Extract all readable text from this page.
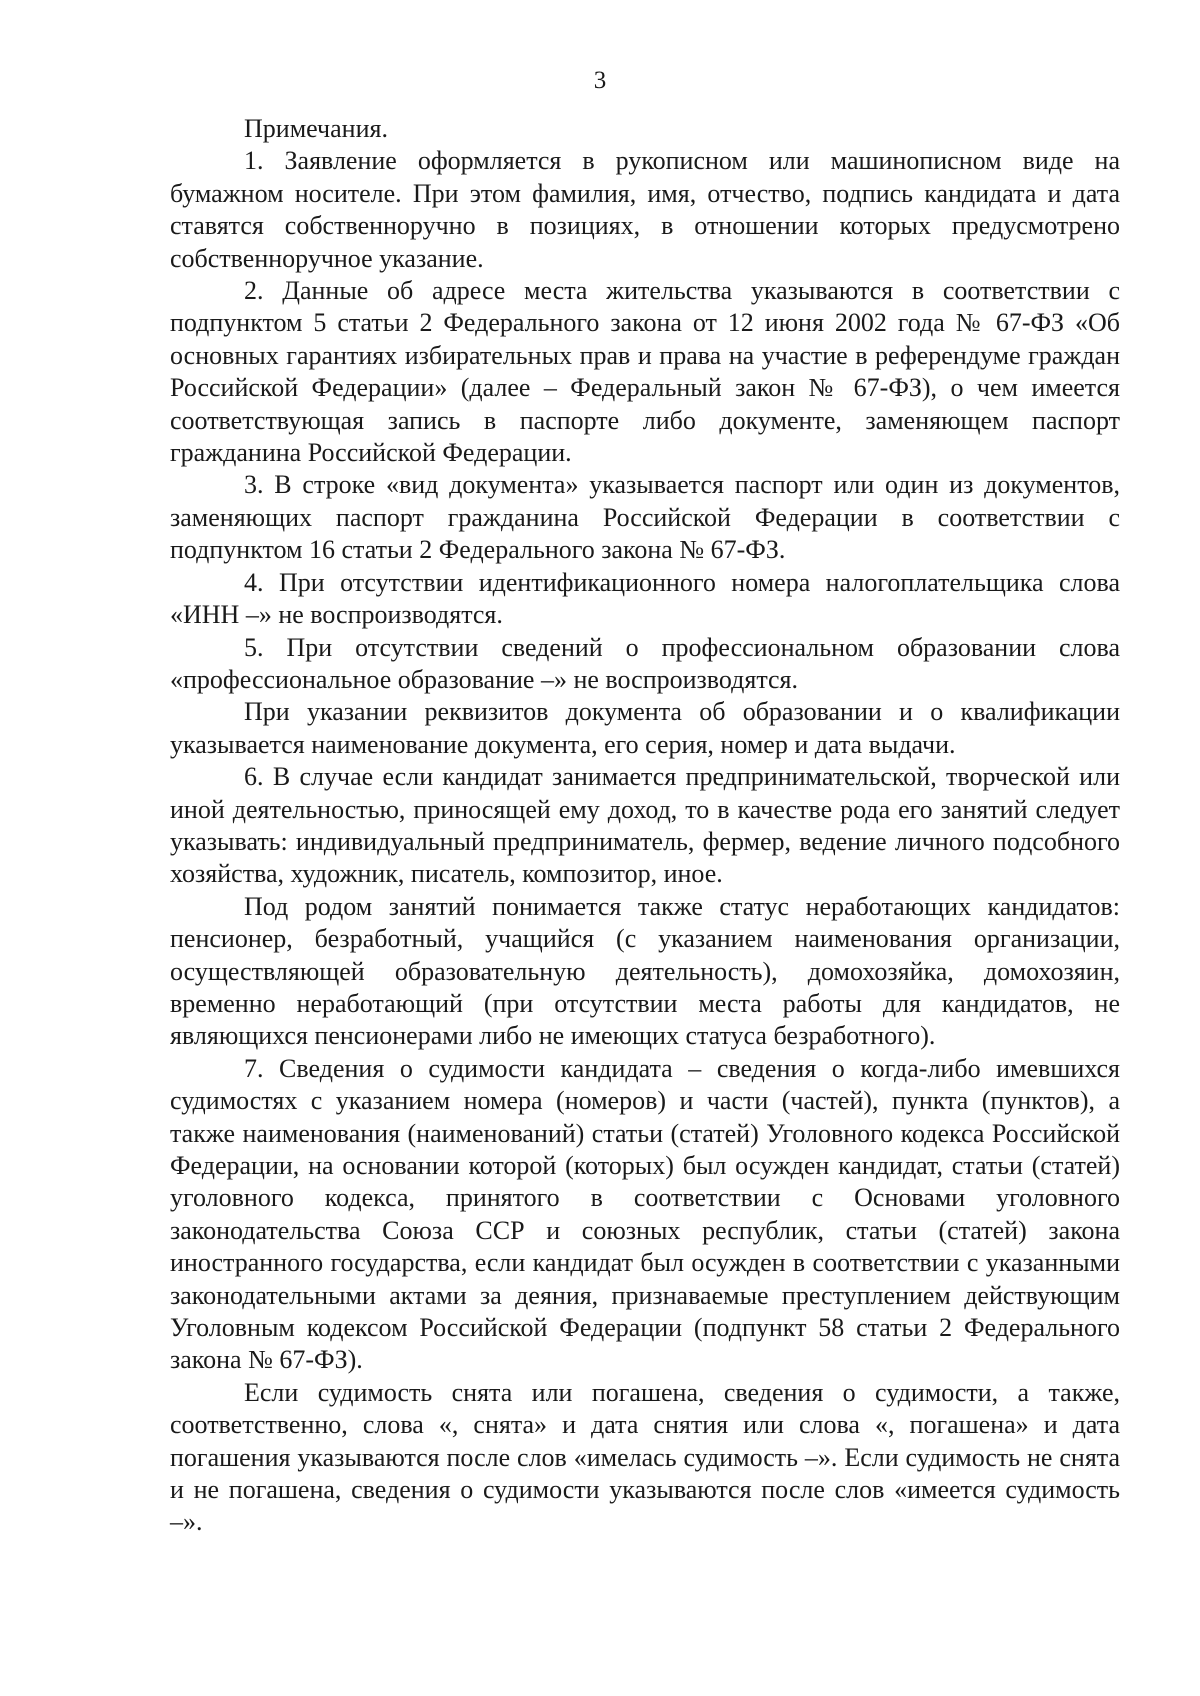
3

Примечания.

1. Заявление оформляется в рукописном или машинописном виде на бумажном носителе. При этом фамилия, имя, отчество, подпись кандидата и дата ставятся собственноручно в позициях, в отношении которых предусмотрено собственноручное указание.

2. Данные об адресе места жительства указываются в соответствии с подпунктом 5 статьи 2 Федерального закона от 12 июня 2002 года № 67-ФЗ «Об основных гарантиях избирательных прав и права на участие в референдуме граждан Российской Федерации» (далее – Федеральный закон № 67-ФЗ), о чем имеется соответствующая запись в паспорте либо документе, заменяющем паспорт гражданина Российской Федерации.

3. В строке «вид документа» указывается паспорт или один из документов, заменяющих паспорт гражданина Российской Федерации в соответствии с подпунктом 16 статьи 2 Федерального закона № 67-ФЗ.

4. При отсутствии идентификационного номера налогоплательщика слова «ИНН –» не воспроизводятся.

5. При отсутствии сведений о профессиональном образовании слова «профессиональное образование –» не воспроизводятся.

При указании реквизитов документа об образовании и о квалификации указывается наименование документа, его серия, номер и дата выдачи.

6. В случае если кандидат занимается предпринимательской, творческой или иной деятельностью, приносящей ему доход, то в качестве рода его занятий следует указывать: индивидуальный предприниматель, фермер, ведение личного подсобного хозяйства, художник, писатель, композитор, иное.

Под родом занятий понимается также статус неработающих кандидатов: пенсионер, безработный, учащийся (с указанием наименования организации, осуществляющей образовательную деятельность), домохозяйка, домохозяин, временно неработающий (при отсутствии места работы для кандидатов, не являющихся пенсионерами либо не имеющих статуса безработного).

7. Сведения о судимости кандидата – сведения о когда-либо имевшихся судимостях с указанием номера (номеров) и части (частей), пункта (пунктов), а также наименования (наименований) статьи (статей) Уголовного кодекса Российской Федерации, на основании которой (которых) был осужден кандидат, статьи (статей) уголовного кодекса, принятого в соответствии с Основами уголовного законодательства Союза ССР и союзных республик, статьи (статей) закона иностранного государства, если кандидат был осужден в соответствии с указанными законодательными актами за деяния, признаваемые преступлением действующим Уголовным кодексом Российской Федерации (подпункт 58 статьи 2 Федерального закона № 67-ФЗ).

Если судимость снята или погашена, сведения о судимости, а также, соответственно, слова «, снята» и дата снятия или слова «, погашена» и дата погашения указываются после слов «имелась судимость –». Если судимость не снята и не погашена, сведения о судимости указываются после слов «имеется судимость –».
